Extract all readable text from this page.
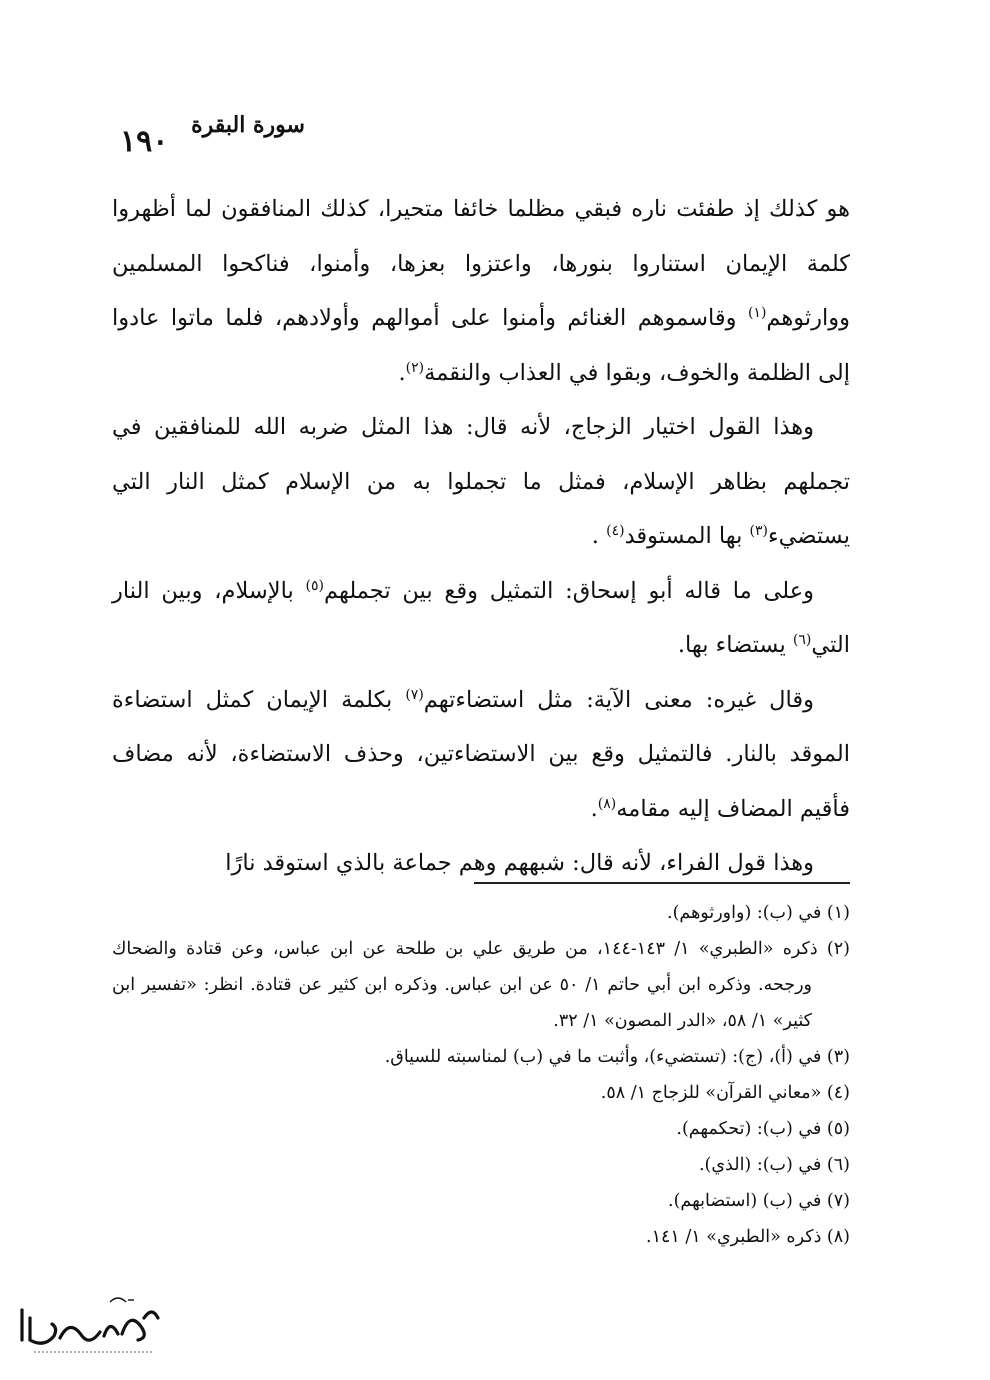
١٩٠ سورة البقرة

هو كذلك إذ طفئت ناره فبقي مظلما خائفا متحيرا، كذلك المنافقون لما أظهروا كلمة الإيمان استناروا بنورها، واعتزوا بعزها، وأمنوا، فناكحوا المسلمين ووارثوهم$^{(١)}$ وقاسموهم الغنائم وأمنوا على أموالهم وأولادهم، فلما ماتوا عادوا إلى الظلمة والخوف، وبقوا في العذاب والنقمة$^{(٢)}$.

وهذا القول اختيار الزجاج، لأنه قال: هذا المثل ضربه الله للمنافقين في تجملهم بظاهر الإسلام، فمثل ما تجملوا به من الإسلام كمثل النار التي يستضيء$^{(٣)}$ بها المستوقد$^{(٤)}$ .

وعلى ما قاله أبو إسحاق: التمثيل وقع بين تجملهم$^{(٥)}$ بالإسلام، وبين النار التي$^{(٦)}$ يستضاء بها.

وقال غيره: معنى الآية: مثل استضاءتهم$^{(٧)}$ بكلمة الإيمان كمثل استضاءة الموقد بالنار. فالتمثيل وقع بين الاستضاءتين، وحذف الاستضاءة، لأنه مضاف فأقيم المضاف إليه مقامه$^{(٨)}$.

وهذا قول الفراء، لأنه قال: شبههم وهم جماعة بالذي استوقد نارًا

(١) في (ب): (واورثوهم).
(٢) ذكره «الطبري» ١/ ١٤٣-١٤٤، من طريق علي بن طلحة عن ابن عباس، وعن قتادة والضحاك ورجحه. وذكره ابن أبي حاتم ١/ ٥٠ عن ابن عباس. وذكره ابن كثير عن قتادة. انظر: «تفسير ابن كثير» ١/ ٥٨، «الدر المصون» ١/ ٣٢.
(٣) في (أ)، (ج): (تستضيء)، وأثبت ما في (ب) لمناسبته للسياق.
(٤) «معاني القرآن» للزجاج ١/ ٥٨.
(٥) في (ب): (تحكمهم).
(٦) في (ب): (الذي).
(٧) في (ب) (استضابهم).
(٨) ذكره «الطبري» ١/ ١٤١.
